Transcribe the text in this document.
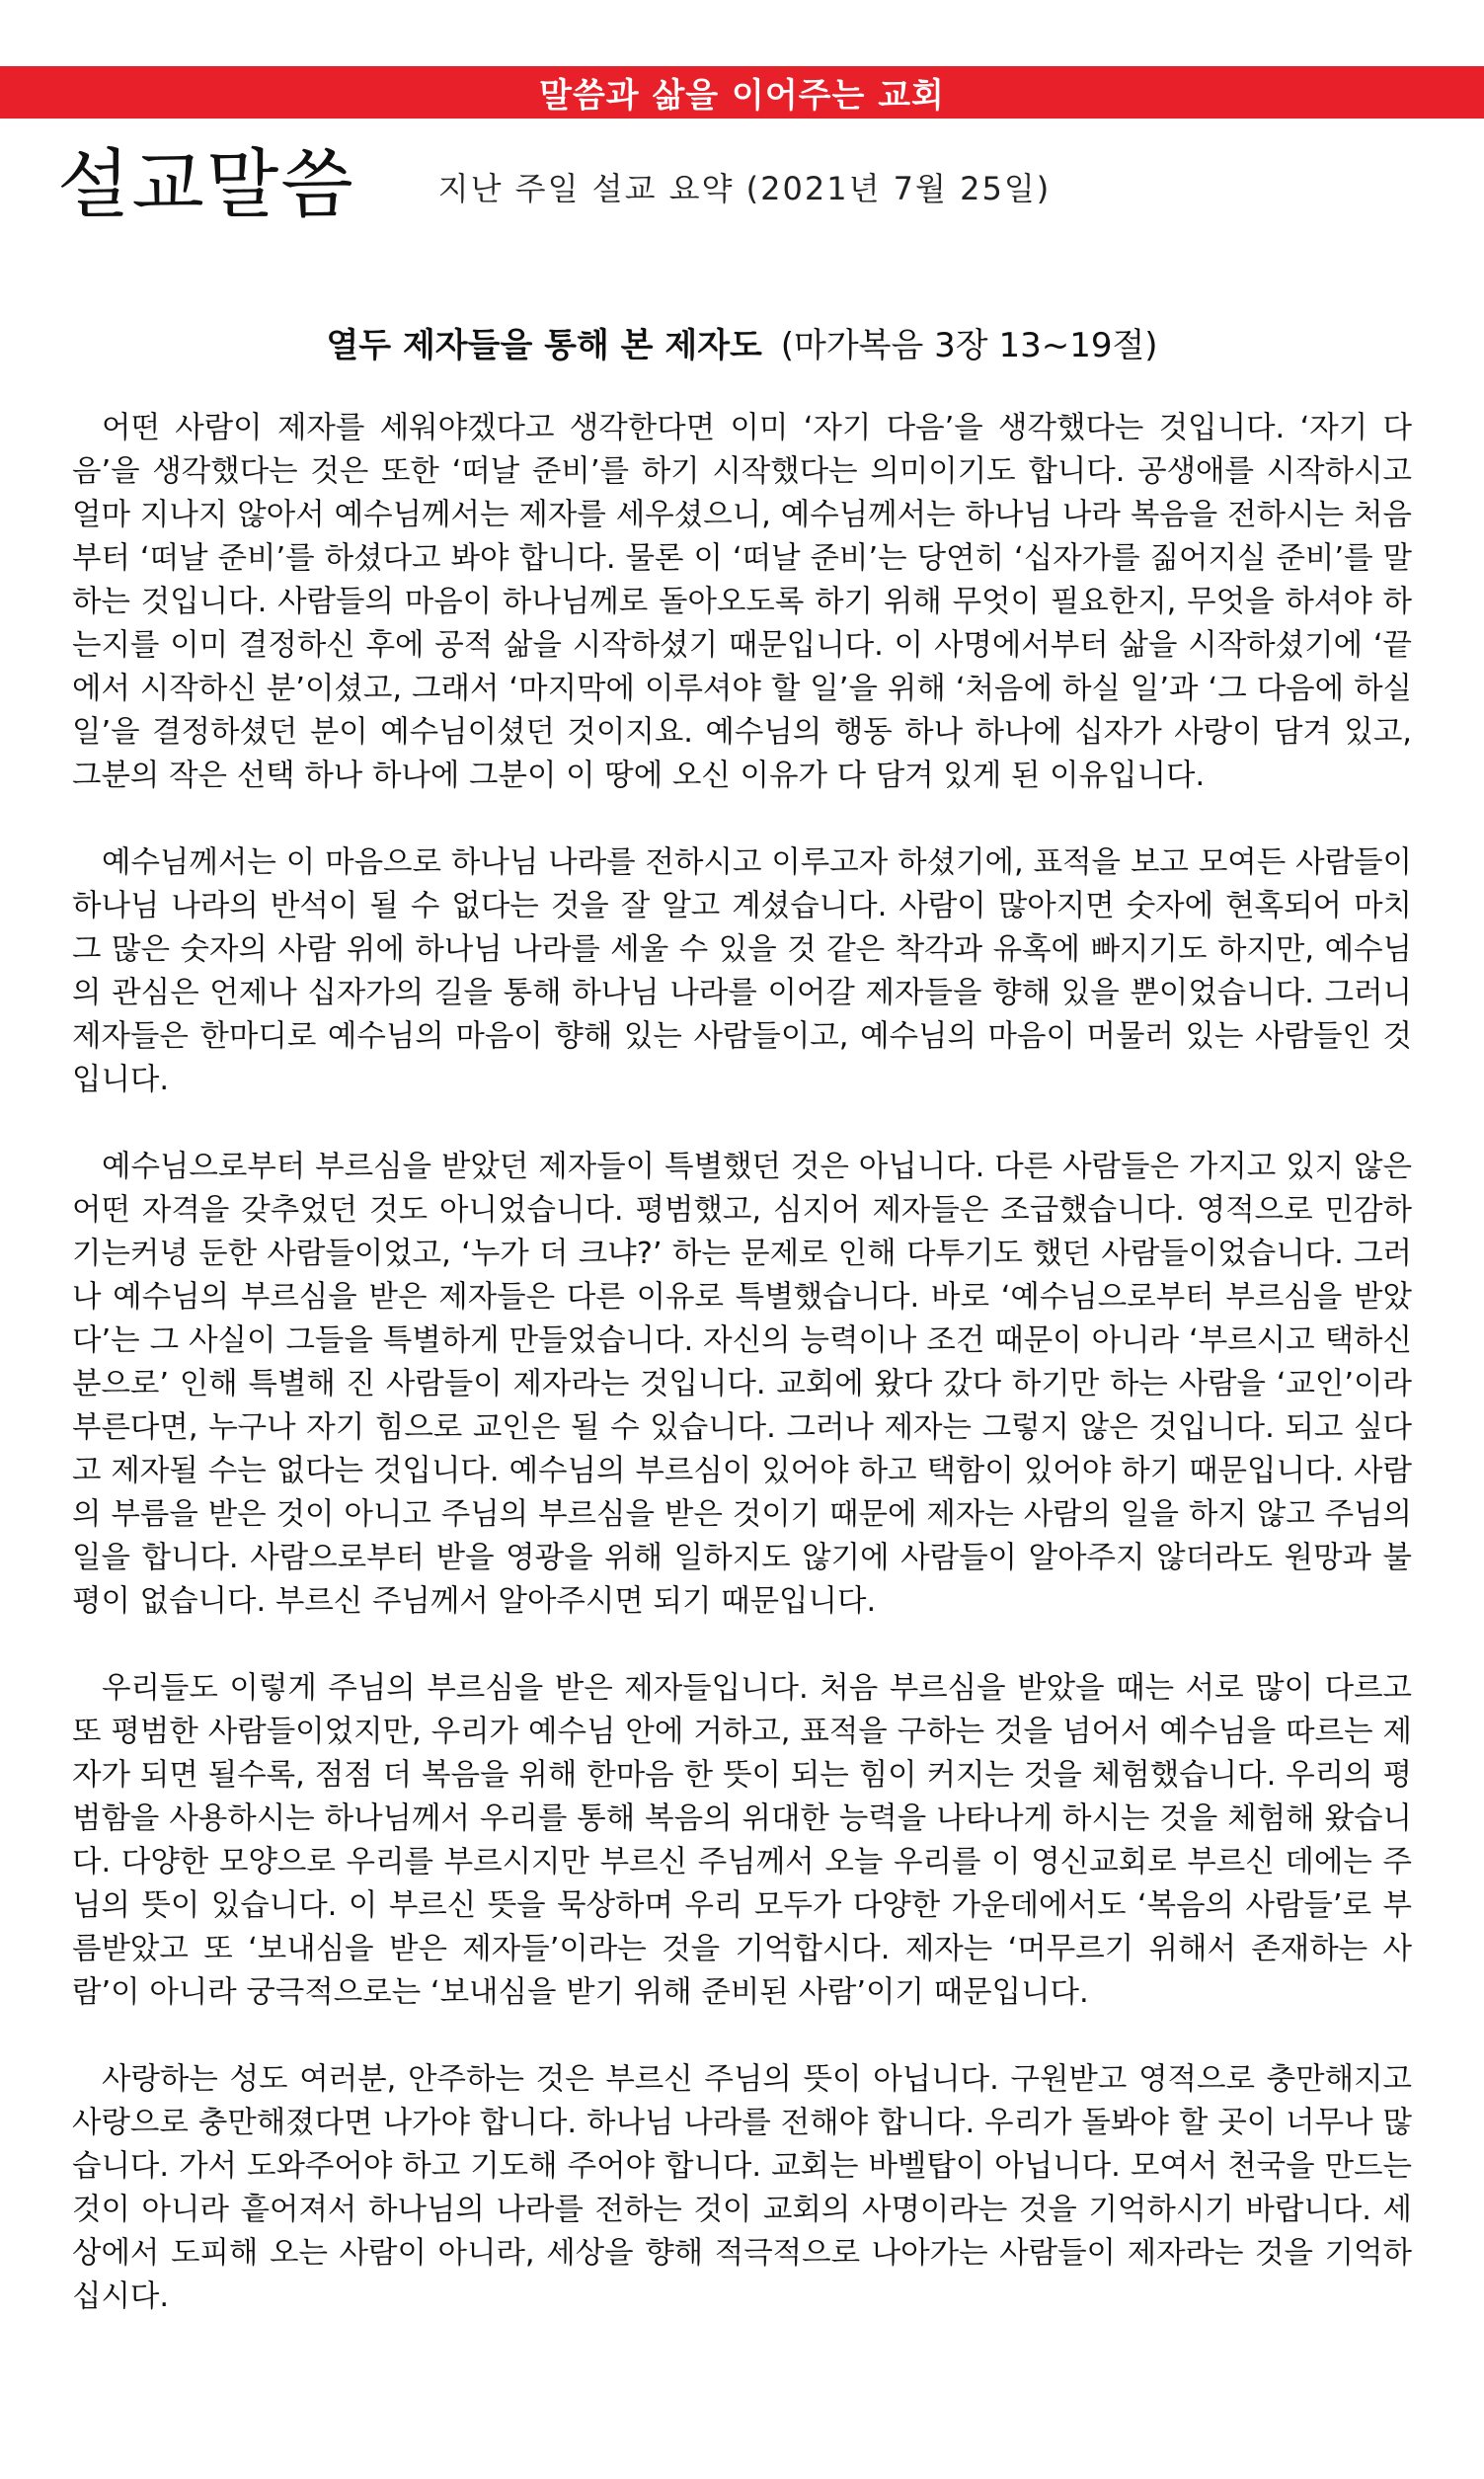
말씀과 삶을 이어주는 교회
설교말씀	지난 주일 설교 요약 (2021년 7월 25일)
열두 제자들을 통해 본 제자도 (마가복음 3장 13~19절)

어떤 사람이 제자를 세워야겠다고 생각한다면 이미 ‘자기 다음’을 생각했다는 것입니다. ‘자기 다음’을 생각했다는 것은 또한 ‘떠날 준비’를 하기 시작했다는 의미이기도 합니다. 공생애를 시작하시고 얼마 지나지 않아서 예수님께서는 제자를 세우셨으니, 예수님께서는 하나님 나라 복음을 전하시는 처음부터 ‘떠날 준비’를 하셨다고 봐야 합니다. 물론 이 ‘떠날 준비’는 당연히 ‘십자가를 짊어지실 준비’를 말하는 것입니다. 사람들의 마음이 하나님께로 돌아오도록 하기 위해 무엇이 필요한지, 무엇을 하셔야 하는지를 이미 결정하신 후에 공적 삶을 시작하셨기 때문입니다. 이 사명에서부터 삶을 시작하셨기에 ‘끝에서 시작하신 분’이셨고, 그래서 ‘마지막에 이루셔야 할 일’을 위해 ‘처음에 하실 일’과 ‘그 다음에 하실 일’을 결정하셨던 분이 예수님이셨던 것이지요. 예수님의 행동 하나 하나에 십자가 사랑이 담겨 있고, 그분의 작은 선택 하나 하나에 그분이 이 땅에 오신 이유가 다 담겨 있게 된 이유입니다.

예수님께서는 이 마음으로 하나님 나라를 전하시고 이루고자 하셨기에, 표적을 보고 모여든 사람들이 하나님 나라의 반석이 될 수 없다는 것을 잘 알고 계셨습니다. 사람이 많아지면 숫자에 현혹되어 마치 그 많은 숫자의 사람 위에 하나님 나라를 세울 수 있을 것 같은 착각과 유혹에 빠지기도 하지만, 예수님의 관심은 언제나 십자가의 길을 통해 하나님 나라를 이어갈 제자들을 향해 있을 뿐이었습니다. 그러니 제자들은 한마디로 예수님의 마음이 향해 있는 사람들이고, 예수님의 마음이 머물러 있는 사람들인 것입니다.

예수님으로부터 부르심을 받았던 제자들이 특별했던 것은 아닙니다. 다른 사람들은 가지고 있지 않은 어떤 자격을 갖추었던 것도 아니었습니다. 평범했고, 심지어 제자들은 조급했습니다. 영적으로 민감하기는커녕 둔한 사람들이었고, ‘누가 더 크냐?’ 하는 문제로 인해 다투기도 했던 사람들이었습니다. 그러나 예수님의 부르심을 받은 제자들은 다른 이유로 특별했습니다. 바로 ‘예수님으로부터 부르심을 받았다’는 그 사실이 그들을 특별하게 만들었습니다. 자신의 능력이나 조건 때문이 아니라 ‘부르시고 택하신 분으로’ 인해 특별해 진 사람들이 제자라는 것입니다. 교회에 왔다 갔다 하기만 하는 사람을 ‘교인’이라 부른다면, 누구나 자기 힘으로 교인은 될 수 있습니다. 그러나 제자는 그렇지 않은 것입니다. 되고 싶다고 제자될 수는 없다는 것입니다. 예수님의 부르심이 있어야 하고 택함이 있어야 하기 때문입니다. 사람의 부름을 받은 것이 아니고 주님의 부르심을 받은 것이기 때문에 제자는 사람의 일을 하지 않고 주님의 일을 합니다. 사람으로부터 받을 영광을 위해 일하지도 않기에 사람들이 알아주지 않더라도 원망과 불평이 없습니다. 부르신 주님께서 알아주시면 되기 때문입니다.

우리들도 이렇게 주님의 부르심을 받은 제자들입니다. 처음 부르심을 받았을 때는 서로 많이 다르고 또 평범한 사람들이었지만, 우리가 예수님 안에 거하고, 표적을 구하는 것을 넘어서 예수님을 따르는 제자가 되면 될수록, 점점 더 복음을 위해 한마음 한 뜻이 되는 힘이 커지는 것을 체험했습니다. 우리의 평범함을 사용하시는 하나님께서 우리를 통해 복음의 위대한 능력을 나타나게 하시는 것을 체험해 왔습니다. 다양한 모양으로 우리를 부르시지만 부르신 주님께서 오늘 우리를 이 영신교회로 부르신 데에는 주님의 뜻이 있습니다. 이 부르신 뜻을 묵상하며 우리 모두가 다양한 가운데에서도 ‘복음의 사람들’로 부름받았고 또 ‘보내심을 받은 제자들’이라는 것을 기억합시다. 제자는 ‘머무르기 위해서 존재하는 사람’이 아니라 궁극적으로는 ‘보내심을 받기 위해 준비된 사람’이기 때문입니다.

사랑하는 성도 여러분, 안주하는 것은 부르신 주님의 뜻이 아닙니다. 구원받고 영적으로 충만해지고 사랑으로 충만해졌다면 나가야 합니다. 하나님 나라를 전해야 합니다. 우리가 돌봐야 할 곳이 너무나 많습니다. 가서 도와주어야 하고 기도해 주어야 합니다. 교회는 바벨탑이 아닙니다. 모여서 천국을 만드는 것이 아니라 흩어져서 하나님의 나라를 전하는 것이 교회의 사명이라는 것을 기억하시기 바랍니다. 세상에서 도피해 오는 사람이 아니라, 세상을 향해 적극적으로 나아가는 사람들이 제자라는 것을 기억하십시다.
